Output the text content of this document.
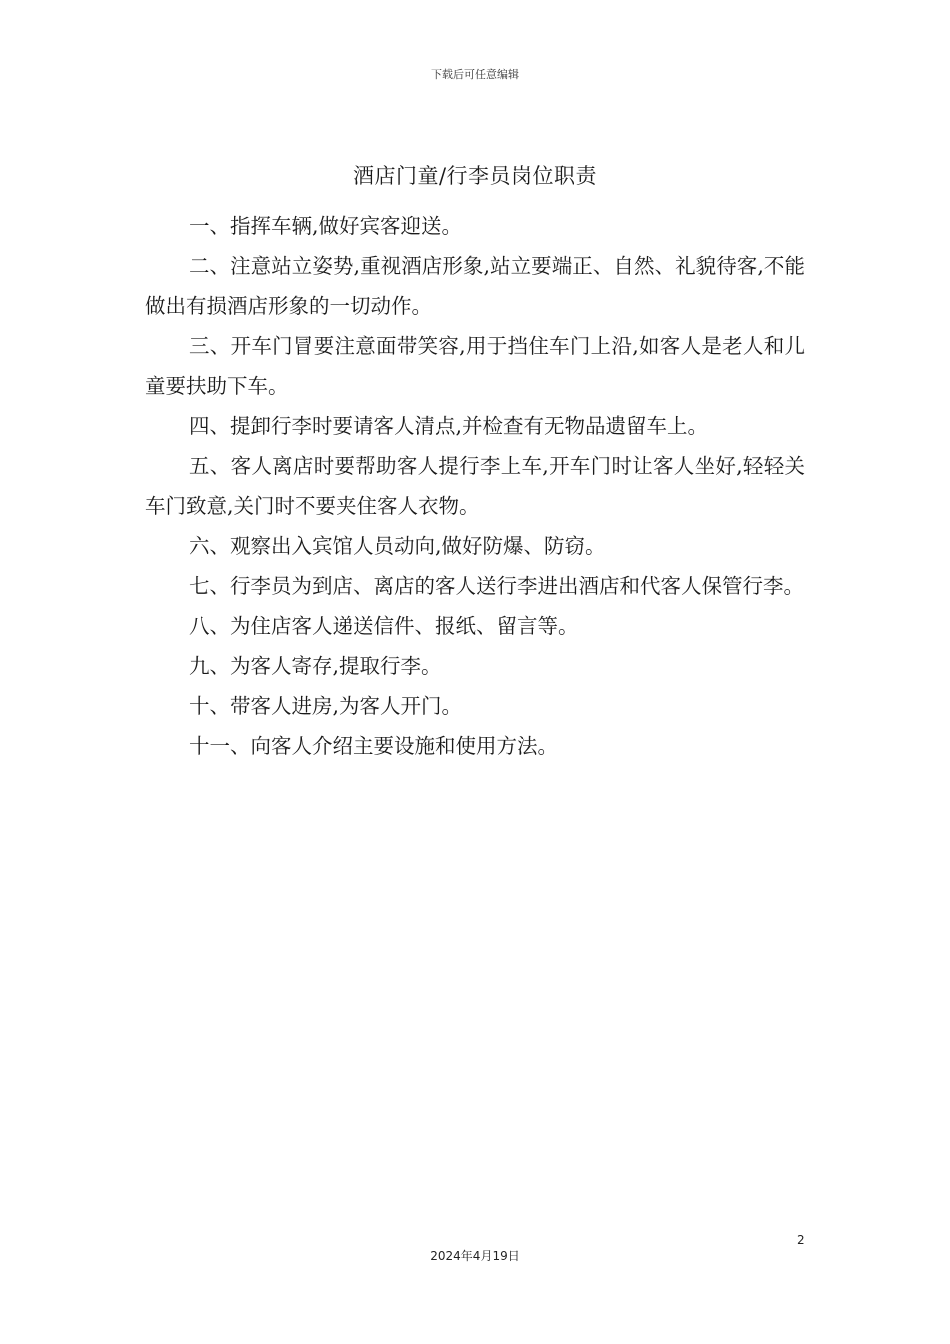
下载后可任意编辑
酒店门童/行李员岗位职责

一、指挥车辆,做好宾客迎送。

二、注意站立姿势,重视酒店形象,站立要端正、自然、礼貌待客,不能做出有损酒店形象的一切动作。

三、开车门冒要注意面带笑容,用于挡住车门上沿,如客人是老人和儿童要扶助下车。

四、提卸行李时要请客人清点,并检查有无物品遗留车上。

五、客人离店时要帮助客人提行李上车,开车门时让客人坐好,轻轻关车门致意,关门时不要夹住客人衣物。

六、观察出入宾馆人员动向,做好防爆、防窃。

七、行李员为到店、离店的客人送行李进出酒店和代客人保管行李。

八、为住店客人递送信件、报纸、留言等。

九、为客人寄存,提取行李。

十、带客人进房,为客人开门。

十一、向客人介绍主要设施和使用方法。

2
2024年4月19日
